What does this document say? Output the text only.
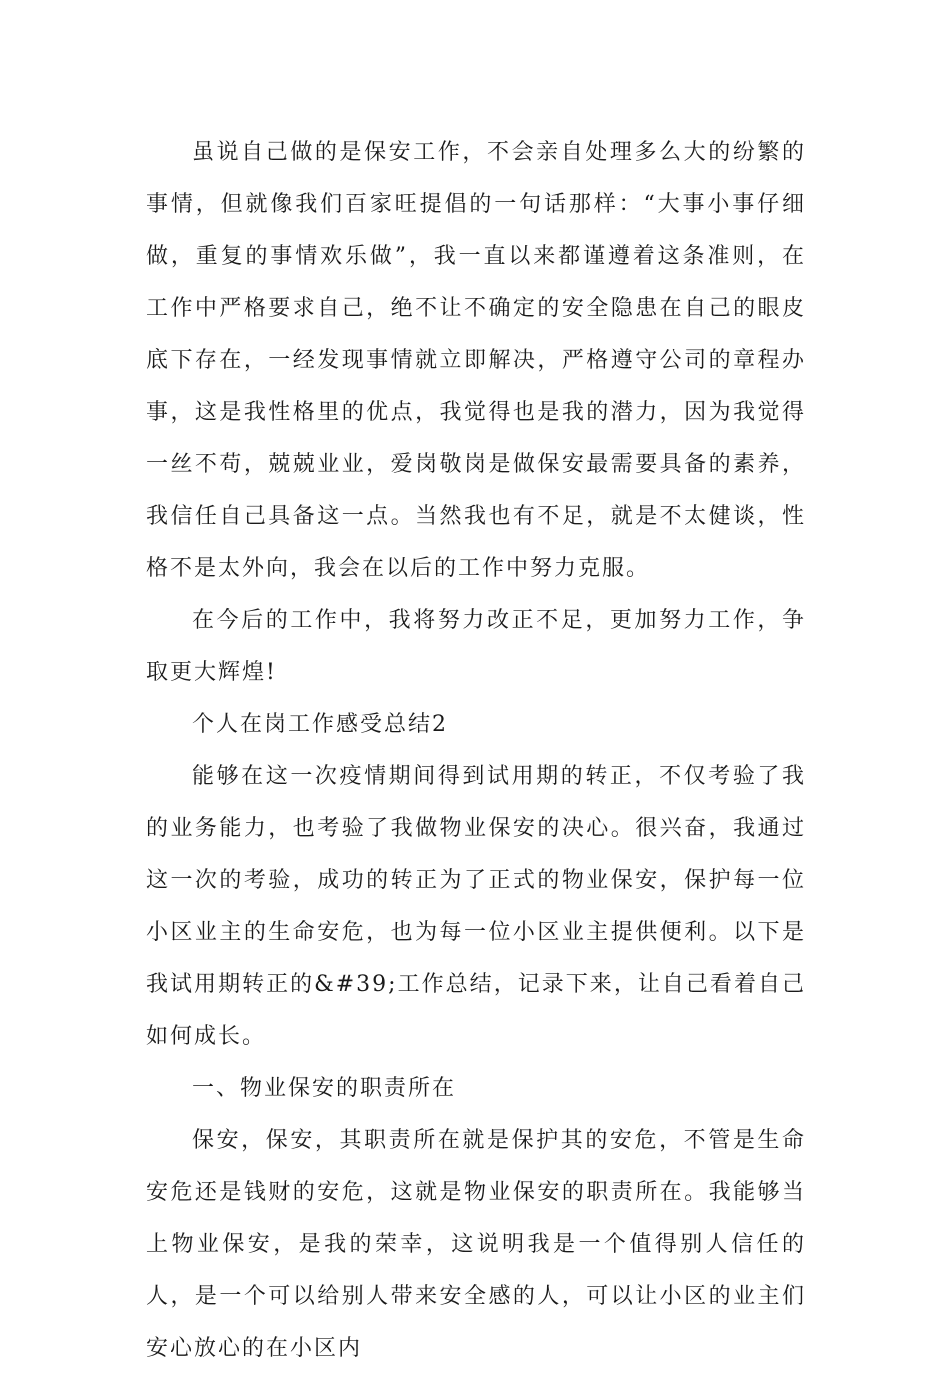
虽说自己做的是保安工作，不会亲自处理多么大的纷繁的事情，但就像我们百家旺提倡的一句话那样：“大事小事仔细做，重复的事情欢乐做”，我一直以来都谨遵着这条准则，在工作中严格要求自己，绝不让不确定的安全隐患在自己的眼皮底下存在，一经发现事情就立即解决，严格遵守公司的章程办事，这是我性格里的优点，我觉得也是我的潜力，因为我觉得一丝不苟，兢兢业业，爱岗敬岗是做保安最需要具备的素养，我信任自己具备这一点。当然我也有不足，就是不太健谈，性格不是太外向，我会在以后的工作中努力克服。

在今后的工作中，我将努力改正不足，更加努力工作，争取更大辉煌!

个人在岗工作感受总结2

能够在这一次疫情期间得到试用期的转正，不仅考验了我的业务能力，也考验了我做物业保安的决心。很兴奋，我通过这一次的考验，成功的转正为了正式的物业保安，保护每一位小区业主的生命安危，也为每一位小区业主提供便利。以下是我试用期转正的&#39;工作总结，记录下来，让自己看着自己如何成长。

一、物业保安的职责所在

保安，保安，其职责所在就是保护其的安危，不管是生命安危还是钱财的安危，这就是物业保安的职责所在。我能够当上物业保安，是我的荣幸，这说明我是一个值得别人信任的人，是一个可以给别人带来安全感的人，可以让小区的业主们安心放心的在小区内
